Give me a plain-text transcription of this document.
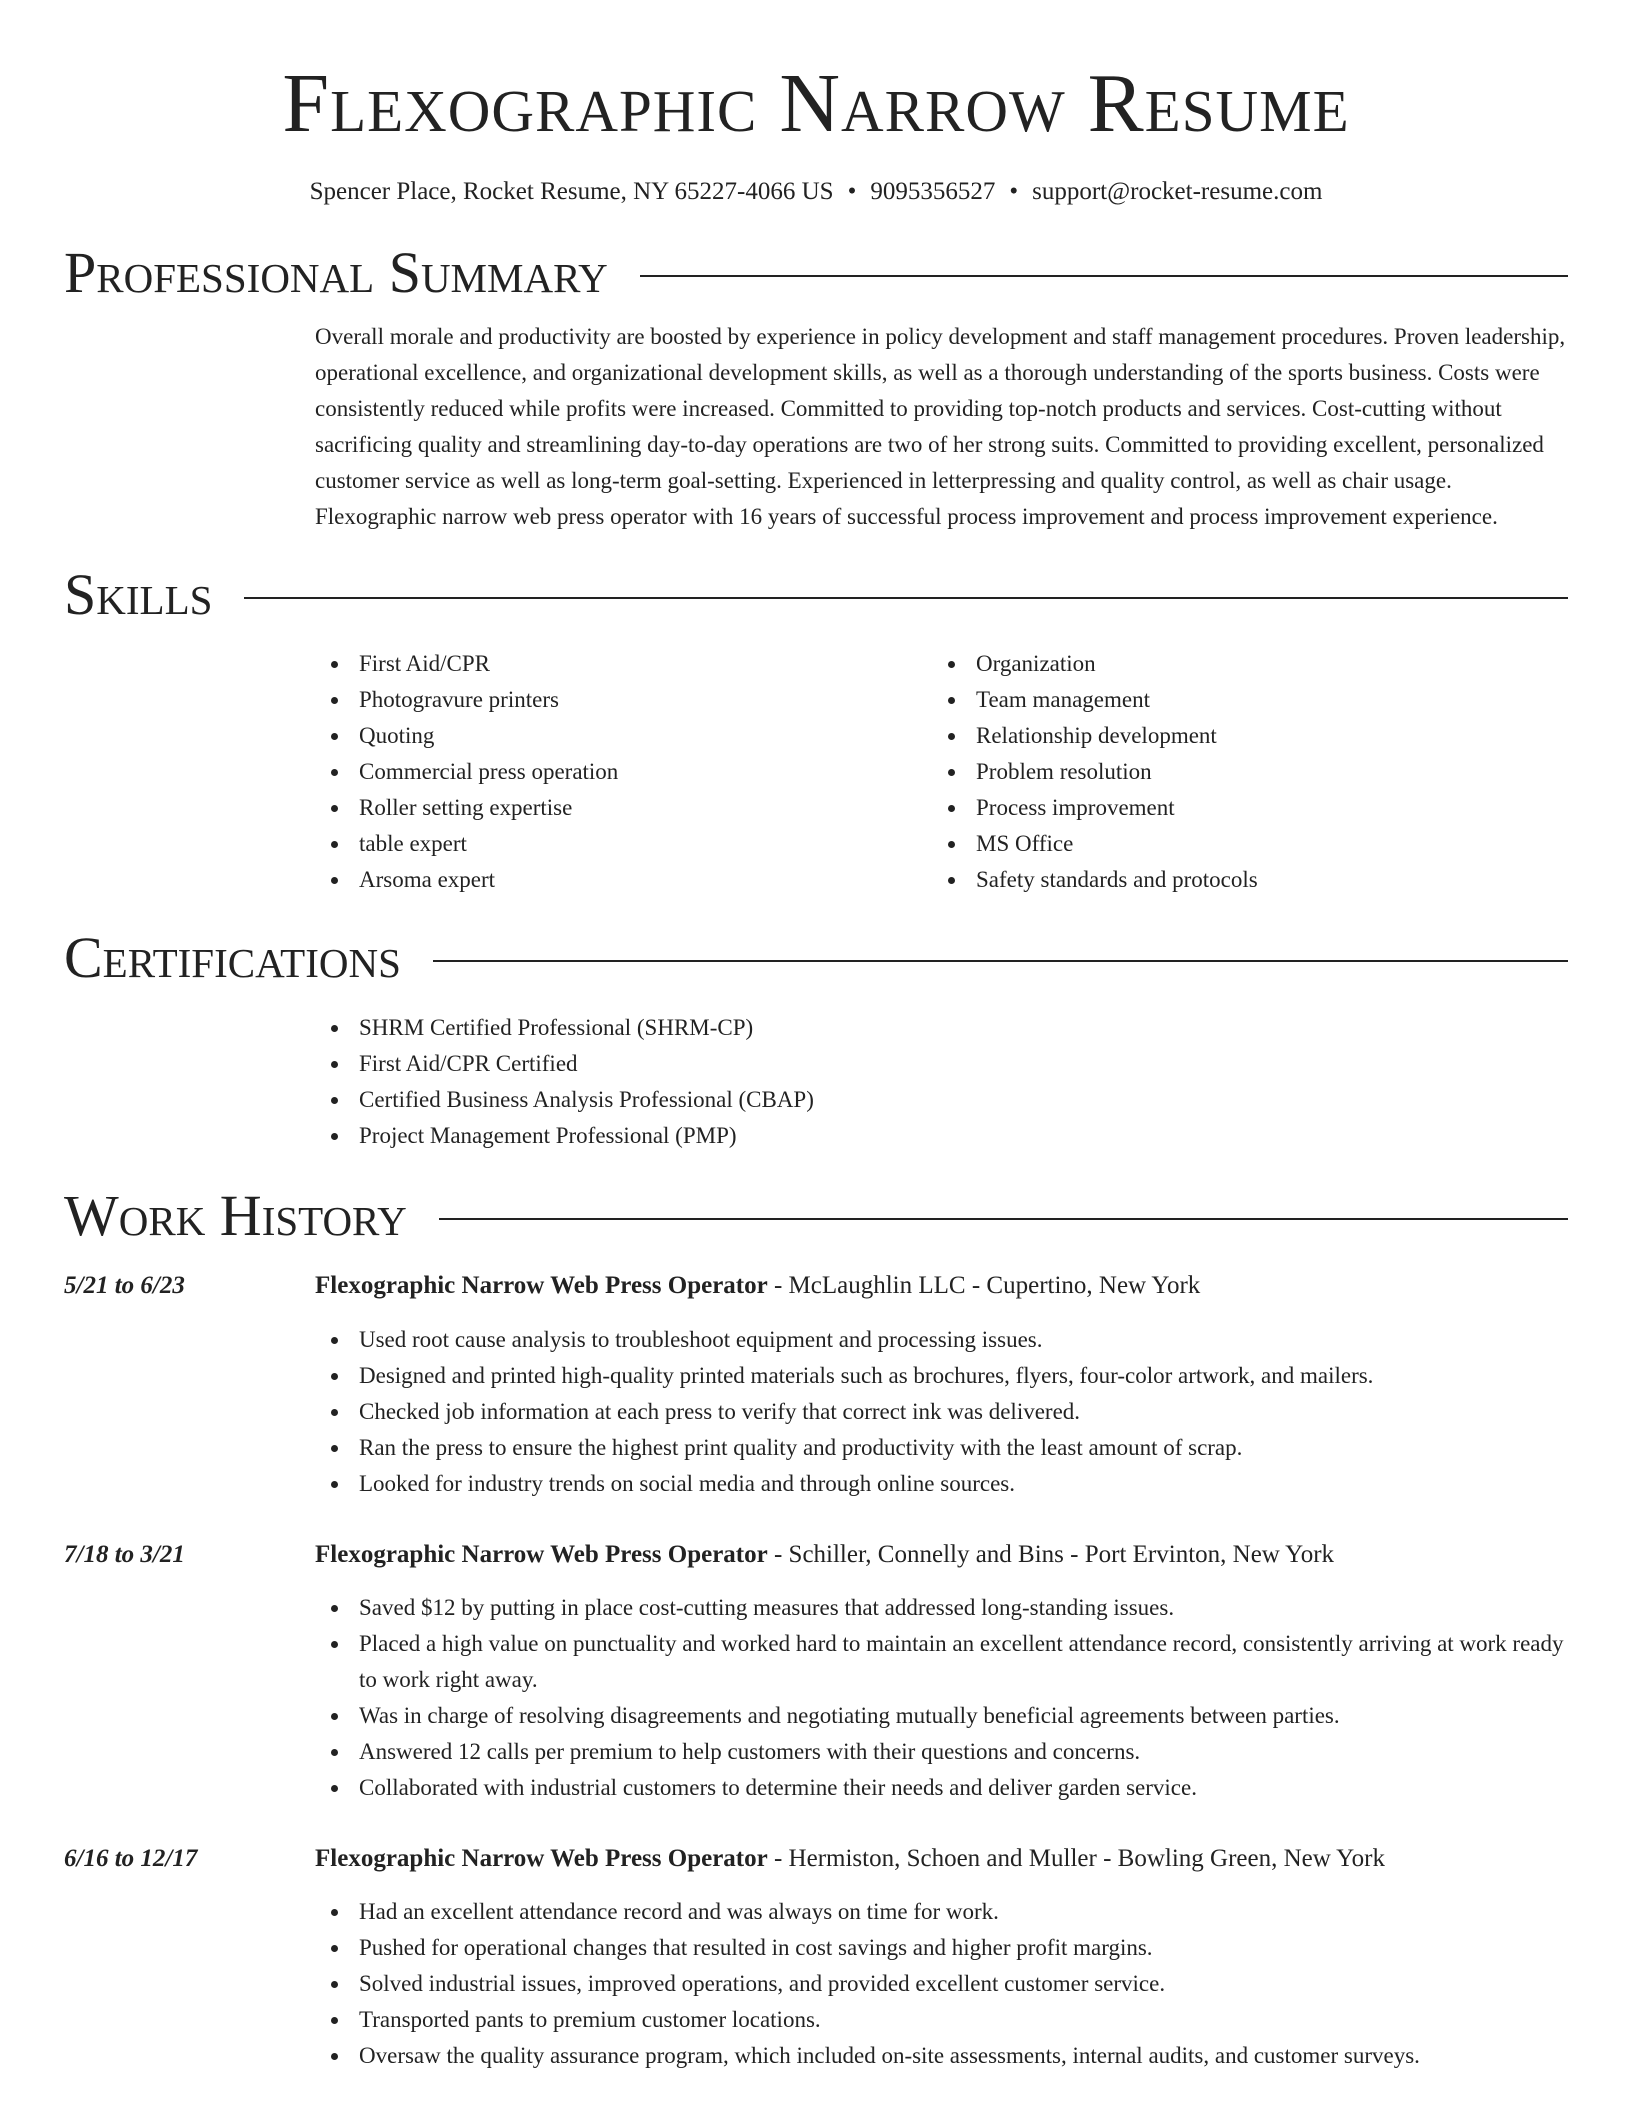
Flexographic Narrow Resume
Spencer Place, Rocket Resume, NY 65227-4066 US • 9095356527 • support@rocket-resume.com
Professional Summary
Overall morale and productivity are boosted by experience in policy development and staff management procedures. Proven leadership, operational excellence, and organizational development skills, as well as a thorough understanding of the sports business. Costs were consistently reduced while profits were increased. Committed to providing top-notch products and services. Cost-cutting without sacrificing quality and streamlining day-to-day operations are two of her strong suits. Committed to providing excellent, personalized customer service as well as long-term goal-setting. Experienced in letterpressing and quality control, as well as chair usage. Flexographic narrow web press operator with 16 years of successful process improvement and process improvement experience.
Skills
First Aid/CPR
Photogravure printers
Quoting
Commercial press operation
Roller setting expertise
table expert
Arsoma expert
Organization
Team management
Relationship development
Problem resolution
Process improvement
MS Office
Safety standards and protocols
Certifications
SHRM Certified Professional (SHRM-CP)
First Aid/CPR Certified
Certified Business Analysis Professional (CBAP)
Project Management Professional (PMP)
Work History
5/21 to 6/23	Flexographic Narrow Web Press Operator - McLaughlin LLC - Cupertino, New York
Used root cause analysis to troubleshoot equipment and processing issues.
Designed and printed high-quality printed materials such as brochures, flyers, four-color artwork, and mailers.
Checked job information at each press to verify that correct ink was delivered.
Ran the press to ensure the highest print quality and productivity with the least amount of scrap.
Looked for industry trends on social media and through online sources.
7/18 to 3/21	Flexographic Narrow Web Press Operator - Schiller, Connelly and Bins - Port Ervinton, New York
Saved $12 by putting in place cost-cutting measures that addressed long-standing issues.
Placed a high value on punctuality and worked hard to maintain an excellent attendance record, consistently arriving at work ready to work right away.
Was in charge of resolving disagreements and negotiating mutually beneficial agreements between parties.
Answered 12 calls per premium to help customers with their questions and concerns.
Collaborated with industrial customers to determine their needs and deliver garden service.
6/16 to 12/17	Flexographic Narrow Web Press Operator - Hermiston, Schoen and Muller - Bowling Green, New York
Had an excellent attendance record and was always on time for work.
Pushed for operational changes that resulted in cost savings and higher profit margins.
Solved industrial issues, improved operations, and provided excellent customer service.
Transported pants to premium customer locations.
Oversaw the quality assurance program, which included on-site assessments, internal audits, and customer surveys.
